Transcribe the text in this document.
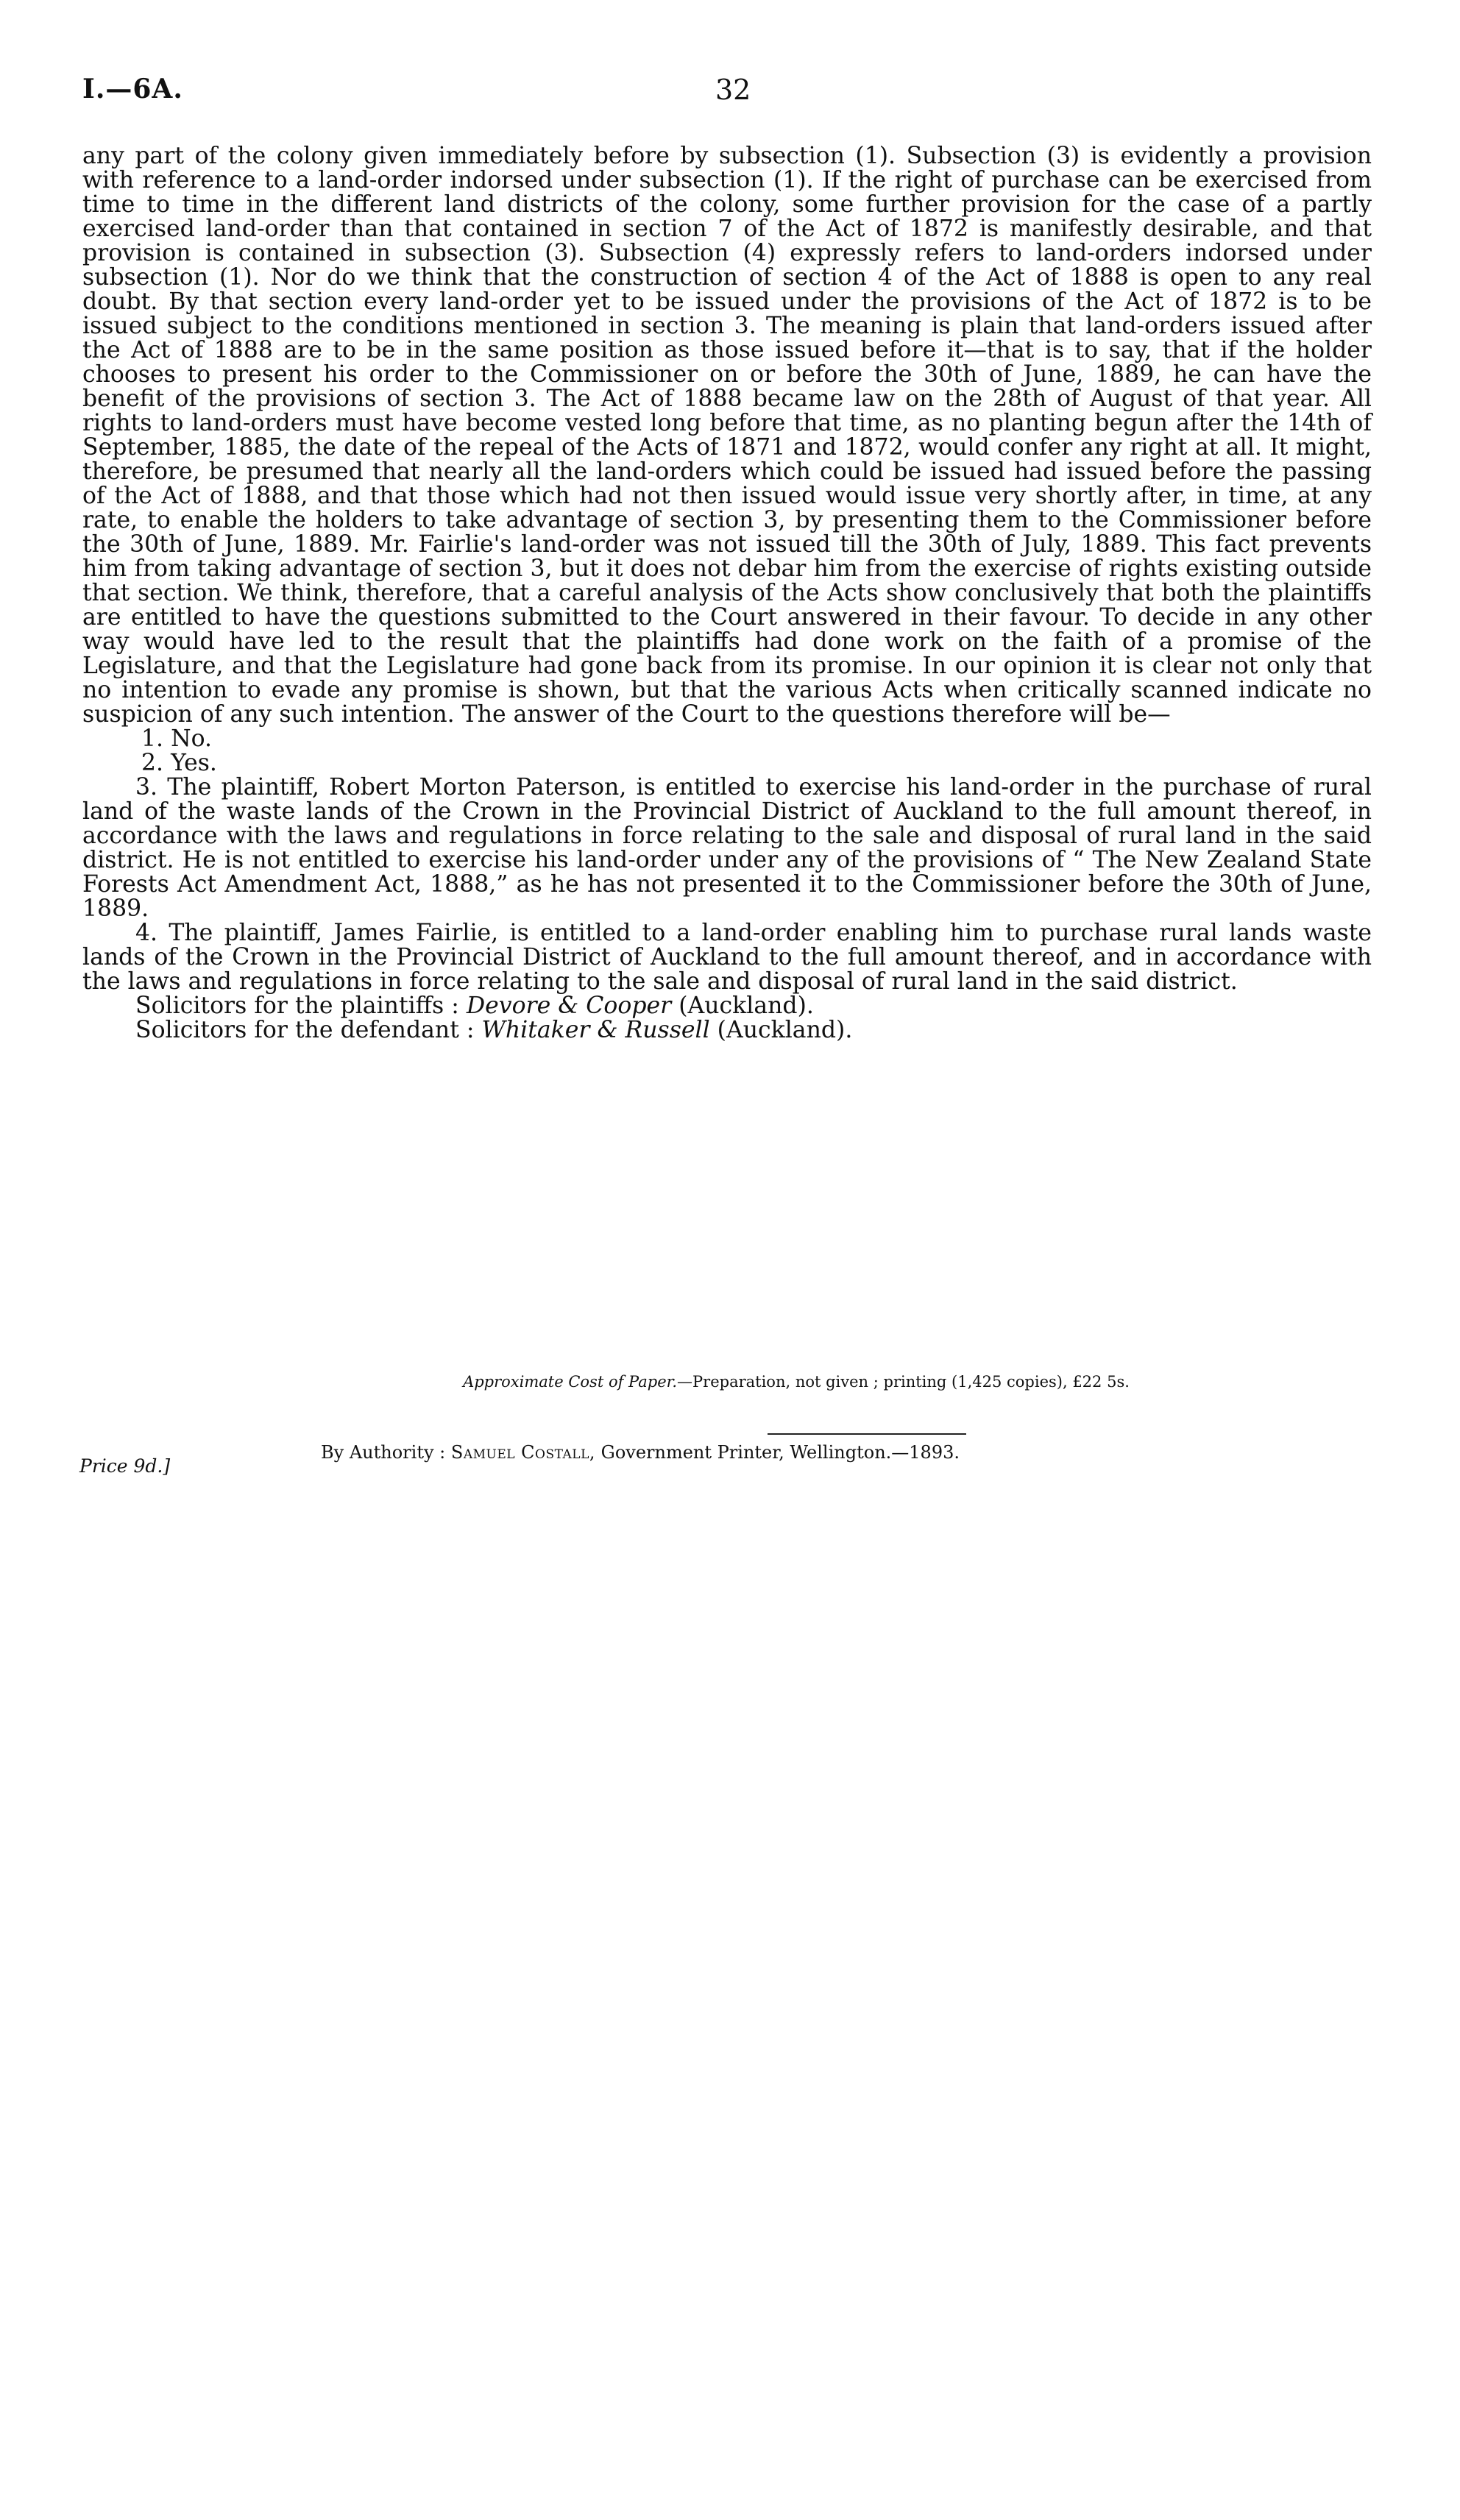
I.—6A.	32

any part of the colony given immediately before by subsection (1). Subsection (3) is evidently a provision with reference to a land-order indorsed under subsection (1). If the right of purchase can be exercised from time to time in the different land districts of the colony, some further provision for the case of a partly exercised land-order than that contained in section 7 of the Act of 1872 is manifestly desirable, and that provision is contained in subsection (3). Subsection (4) expressly refers to land-orders indorsed under subsection (1). Nor do we think that the construction of section 4 of the Act of 1888 is open to any real doubt. By that section every land-order yet to be issued under the provisions of the Act of 1872 is to be issued subject to the conditions mentioned in section 3. The meaning is plain that land-orders issued after the Act of 1888 are to be in the same position as those issued before it—that is to say, that if the holder chooses to present his order to the Commissioner on or before the 30th of June, 1889, he can have the benefit of the provisions of section 3. The Act of 1888 became law on the 28th of August of that year. All rights to land-orders must have become vested long before that time, as no planting begun after the 14th of September, 1885, the date of the repeal of the Acts of 1871 and 1872, would confer any right at all. It might, therefore, be presumed that nearly all the land-orders which could be issued had issued before the passing of the Act of 1888, and that those which had not then issued would issue very shortly after, in time, at any rate, to enable the holders to take advantage of section 3, by presenting them to the Commissioner before the 30th of June, 1889. Mr. Fairlie's land-order was not issued till the 30th of July, 1889. This fact prevents him from taking advantage of section 3, but it does not debar him from the exercise of rights existing outside that section. We think, therefore, that a careful analysis of the Acts show conclusively that both the plaintiffs are entitled to have the questions submitted to the Court answered in their favour. To decide in any other way would have led to the result that the plaintiffs had done work on the faith of a promise of the Legislature, and that the Legislature had gone back from its promise. In our opinion it is clear not only that no intention to evade any promise is shown, but that the various Acts when critically scanned indicate no suspicion of any such intention. The answer of the Court to the questions therefore will be—

1. No.

2. Yes.

3. The plaintiff, Robert Morton Paterson, is entitled to exercise his land-order in the purchase of rural land of the waste lands of the Crown in the Provincial District of Auckland to the full amount thereof, in accordance with the laws and regulations in force relating to the sale and disposal of rural land in the said district. He is not entitled to exercise his land-order under any of the provisions of “ The New Zealand State Forests Act Amendment Act, 1888,” as he has not presented it to the Commissioner before the 30th of June, 1889.

4. The plaintiff, James Fairlie, is entitled to a land-order enabling him to purchase rural lands waste lands of the Crown in the Provincial District of Auckland to the full amount thereof, and in accordance with the laws and regulations in force relating to the sale and disposal of rural land in the said district.

Solicitors for the plaintiffs : Devore & Cooper (Auckland).

Solicitors for the defendant : Whitaker & Russell (Auckland).

Approximate Cost of Paper.—Preparation, not given ; printing (1,425 copies), £22 5s.
By Authority : Samuel Costall, Government Printer, Wellington.—1893.
Price 9d.]
